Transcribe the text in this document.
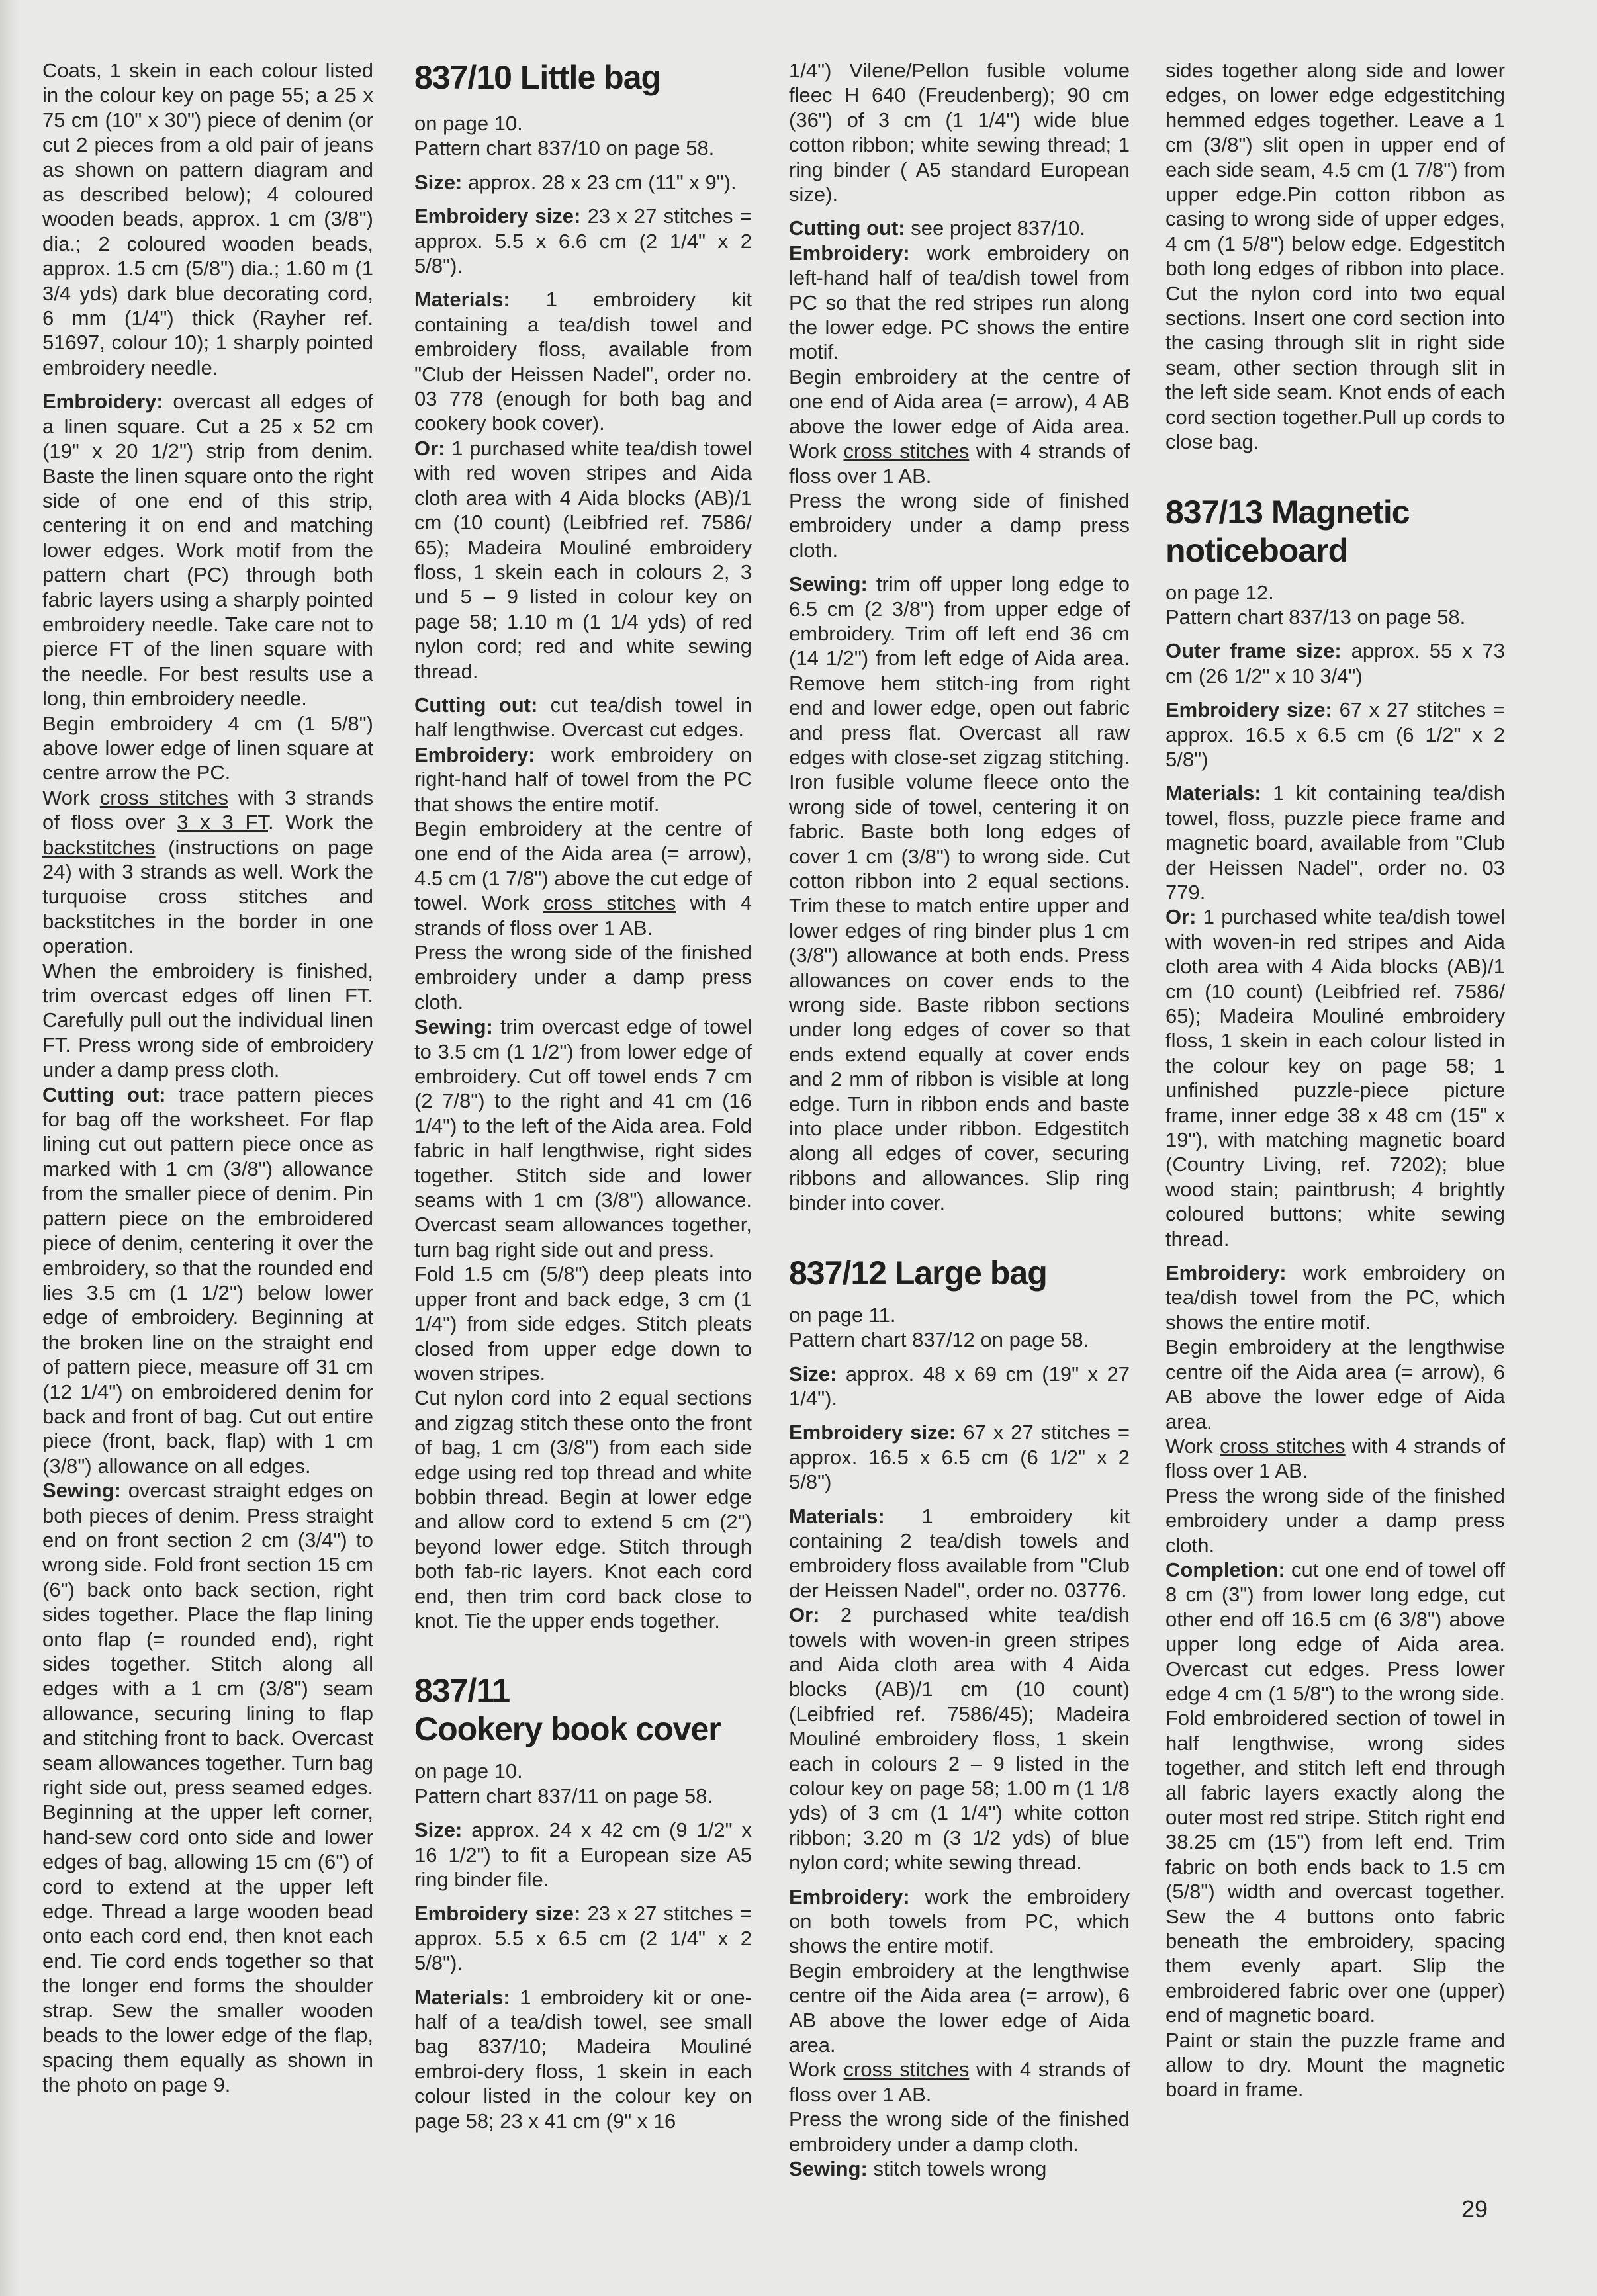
Coats, 1 skein in each colour listed in the colour key on page 55; a 25 x 75 cm (10" x 30") piece of denim (or cut 2 pieces from a old pair of jeans as shown on pattern diagram and as described below); 4 coloured wooden beads, approx. 1 cm (3/8") dia.; 2 coloured wooden beads, approx. 1.5 cm (5/8") dia.; 1.60 m (1 3/4 yds) dark blue decorating cord, 6 mm (1/4") thick (Rayher ref. 51697, colour 10); 1 sharply pointed embroidery needle.

Embroidery: overcast all edges of a linen square. Cut a 25 x 52 cm (19" x 20 1/2") strip from denim. Baste the linen square onto the right side of one end of this strip, centering it on end and matching lower edges. Work motif from the pattern chart (PC) through both fabric layers using a sharply pointed embroidery needle. Take care not to pierce FT of the linen square with the needle. For best results use a long, thin embroidery needle.

Begin embroidery 4 cm (1 5/8") above lower edge of linen square at centre arrow the PC.

Work cross stitches with 3 strands of floss over 3 x 3 FT. Work the backstitches (instructions on page 24) with 3 strands as well. Work the turquoise cross stitches and backstitches in the border in one operation.

When the embroidery is finished, trim overcast edges off linen FT. Carefully pull out the individual linen FT. Press wrong side of embroidery under a damp press cloth.

Cutting out: trace pattern pieces for bag off the worksheet. For flap lining cut out pattern piece once as marked with 1 cm (3/8") allowance from the smaller piece of denim. Pin pattern piece on the embroidered piece of denim, centering it over the embroidery, so that the rounded end lies 3.5 cm (1 1/2") below lower edge of embroidery. Beginning at the broken line on the straight end of pattern piece, measure off 31 cm (12 1/4") on embroidered denim for back and front of bag. Cut out entire piece (front, back, flap) with 1 cm (3/8") allowance on all edges.

Sewing: overcast straight edges on both pieces of denim. Press straight end on front section 2 cm (3/4") to wrong side. Fold front section 15 cm (6") back onto back section, right sides together. Place the flap lining onto flap (= rounded end), right sides together. Stitch along all edges with a 1 cm (3/8") seam allowance, securing lining to flap and stitching front to back. Overcast seam allowances together. Turn bag right side out, press seamed edges. Beginning at the upper left corner, hand-sew cord onto side and lower edges of bag, allowing 15 cm (6") of cord to extend at the upper left edge. Thread a large wooden bead onto each cord end, then knot each end. Tie cord ends together so that the longer end forms the shoulder strap. Sew the smaller wooden beads to the lower edge of the flap, spacing them equally as shown in the photo on page 9.

837/10 Little bag

on page 10.

Pattern chart 837/10 on page 58.

Size: approx. 28 x 23 cm (11" x 9").

Embroidery size: 23 x 27 stitches = approx. 5.5 x 6.6 cm (2 1/4" x 2 5/8").

Materials: 1 embroidery kit containing a tea/dish towel and embroidery floss, available from "Club der Heissen Nadel", order no. 03 778 (enough for both bag and cookery book cover).

Or: 1 purchased white tea/dish towel with red woven stripes and Aida cloth area with 4 Aida blocks (AB)/1 cm (10 count) (Leibfried ref. 7586/ 65); Madeira Mouliné embroidery floss, 1 skein each in colours 2, 3 und 5 – 9 listed in colour key on page 58; 1.10 m (1 1/4 yds) of red nylon cord; red and white sewing thread.

Cutting out: cut tea/dish towel in half lengthwise. Overcast cut edges.

Embroidery: work embroidery on right-hand half of towel from the PC that shows the entire motif.

Begin embroidery at the centre of one end of the Aida area (= arrow), 4.5 cm (1 7/8") above the cut edge of towel. Work cross stitches with 4 strands of floss over 1 AB.

Press the wrong side of the finished embroidery under a damp press cloth.

Sewing: trim overcast edge of towel to 3.5 cm (1 1/2") from lower edge of embroidery. Cut off towel ends 7 cm (2 7/8") to the right and 41 cm (16 1/4") to the left of the Aida area. Fold fabric in half lengthwise, right sides together. Stitch side and lower seams with 1 cm (3/8") allowance. Overcast seam allowances together, turn bag right side out and press.

Fold 1.5 cm (5/8") deep pleats into upper front and back edge, 3 cm (1 1/4") from side edges. Stitch pleats closed from upper edge down to woven stripes.

Cut nylon cord into 2 equal sections and zigzag stitch these onto the front of bag, 1 cm (3/8") from each side edge using red top thread and white bobbin thread. Begin at lower edge and allow cord to extend 5 cm (2") beyond lower edge. Stitch through both fab-ric layers. Knot each cord end, then trim cord back close to knot. Tie the upper ends together.

837/11
Cookery book cover

on page 10.

Pattern chart 837/11 on page 58.

Size: approx. 24 x 42 cm (9 1/2" x 16 1/2") to fit a European size A5 ring binder file.

Embroidery size: 23 x 27 stitches = approx. 5.5 x 6.5 cm (2 1/4" x 2 5/8").

Materials: 1 embroidery kit or one-half of a tea/dish towel, see small bag 837/10; Madeira Mouliné embroi-dery floss, 1 skein in each colour listed in the colour key on page 58; 23 x 41 cm (9" x 16

1/4") Vilene/Pellon fusible volume fleec H 640 (Freudenberg); 90 cm (36") of 3 cm (1 1/4") wide blue cotton ribbon; white sewing thread; 1 ring binder ( A5 standard European size).

Cutting out: see project 837/10.

Embroidery: work embroidery on left-hand half of tea/dish towel from PC so that the red stripes run along the lower edge. PC shows the entire motif.

Begin embroidery at the centre of one end of Aida area (= arrow), 4 AB above the lower edge of Aida area. Work cross stitches with 4 strands of floss over 1 AB.

Press the wrong side of finished embroidery under a damp press cloth.

Sewing: trim off upper long edge to 6.5 cm (2 3/8") from upper edge of embroidery. Trim off left end 36 cm (14 1/2") from left edge of Aida area. Remove hem stitch-ing from right end and lower edge, open out fabric and press flat. Overcast all raw edges with close-set zigzag stitching. Iron fusible volume fleece onto the wrong side of towel, centering it on fabric. Baste both long edges of cover 1 cm (3/8") to wrong side. Cut cotton ribbon into 2 equal sections. Trim these to match entire upper and lower edges of ring binder plus 1 cm (3/8") allowance at both ends. Press allowances on cover ends to the wrong side. Baste ribbon sections under long edges of cover so that ends extend equally at cover ends and 2 mm of ribbon is visible at long edge. Turn in ribbon ends and baste into place under ribbon. Edgestitch along all edges of cover, securing ribbons and allowances. Slip ring binder into cover.

837/12 Large bag

on page 11.

Pattern chart 837/12 on page 58.

Size: approx. 48 x 69 cm (19" x 27 1/4").

Embroidery size: 67 x 27 stitches = approx. 16.5 x 6.5 cm (6 1/2" x 2 5/8")

Materials: 1 embroidery kit containing 2 tea/dish towels and embroidery floss available from "Club der Heissen Nadel", order no. 03776.

Or: 2 purchased white tea/dish towels with woven-in green stripes and Aida cloth area with 4 Aida blocks (AB)/1 cm (10 count) (Leibfried ref. 7586/45); Madeira Mouliné embroidery floss, 1 skein each in colours 2 – 9 listed in the colour key on page 58; 1.00 m (1 1/8 yds) of 3 cm (1 1/4") white cotton ribbon; 3.20 m (3 1/2 yds) of blue nylon cord; white sewing thread.

Embroidery: work the embroidery on both towels from PC, which shows the entire motif.

Begin embroidery at the lengthwise centre oif the Aida area (= arrow), 6 AB above the lower edge of Aida area.

Work cross stitches with 4 strands of floss over 1 AB.

Press the wrong side of the finished embroidery under a damp cloth.

Sewing: stitch towels wrong

sides together along side and lower edges, on lower edge edgestitching hemmed edges together. Leave a 1 cm (3/8") slit open in upper end of each side seam, 4.5 cm (1 7/8") from upper edge.Pin cotton ribbon as casing to wrong side of upper edges, 4 cm (1 5/8") below edge. Edgestitch both long edges of ribbon into place. Cut the nylon cord into two equal sections. Insert one cord section into the casing through slit in right side seam, other section through slit in the left side seam. Knot ends of each cord section together.Pull up cords to close bag.

837/13 Magnetic
noticeboard

on page 12.

Pattern chart 837/13 on page 58.

Outer frame size: approx. 55 x 73 cm (26 1/2" x 10 3/4")

Embroidery size: 67 x 27 stitches = approx. 16.5 x 6.5 cm (6 1/2" x 2 5/8")

Materials: 1 kit containing tea/dish towel, floss, puzzle piece frame and magnetic board, available from "Club der Heissen Nadel", order no. 03 779.

Or: 1 purchased white tea/dish towel with woven-in red stripes and Aida cloth area with 4 Aida blocks (AB)/1 cm (10 count) (Leibfried ref. 7586/ 65); Madeira Mouliné embroidery floss, 1 skein in each colour listed in the colour key on page 58; 1 unfinished puzzle-piece picture frame, inner edge 38 x 48 cm (15" x 19"), with matching magnetic board (Country Living, ref. 7202); blue wood stain; paintbrush; 4 brightly coloured buttons; white sewing thread.

Embroidery: work embroidery on tea/dish towel from the PC, which shows the entire motif.

Begin embroidery at the lengthwise centre oif the Aida area (= arrow), 6 AB above the lower edge of Aida area.

Work cross stitches with 4 strands of floss over 1 AB.

Press the wrong side of the finished embroidery under a damp press cloth.

Completion: cut one end of towel off 8 cm (3") from lower long edge, cut other end off 16.5 cm (6 3/8") above upper long edge of Aida area. Overcast cut edges. Press lower edge 4 cm (1 5/8") to the wrong side. Fold embroidered section of towel in half lengthwise, wrong sides together, and stitch left end through all fabric layers exactly along the outer most red stripe. Stitch right end 38.25 cm (15") from left end. Trim fabric on both ends back to 1.5 cm (5/8") width and overcast together. Sew the 4 buttons onto fabric beneath the embroidery, spacing them evenly apart. Slip the embroidered fabric over one (upper) end of magnetic board.

Paint or stain the puzzle frame and allow to dry. Mount the magnetic board in frame.

29
